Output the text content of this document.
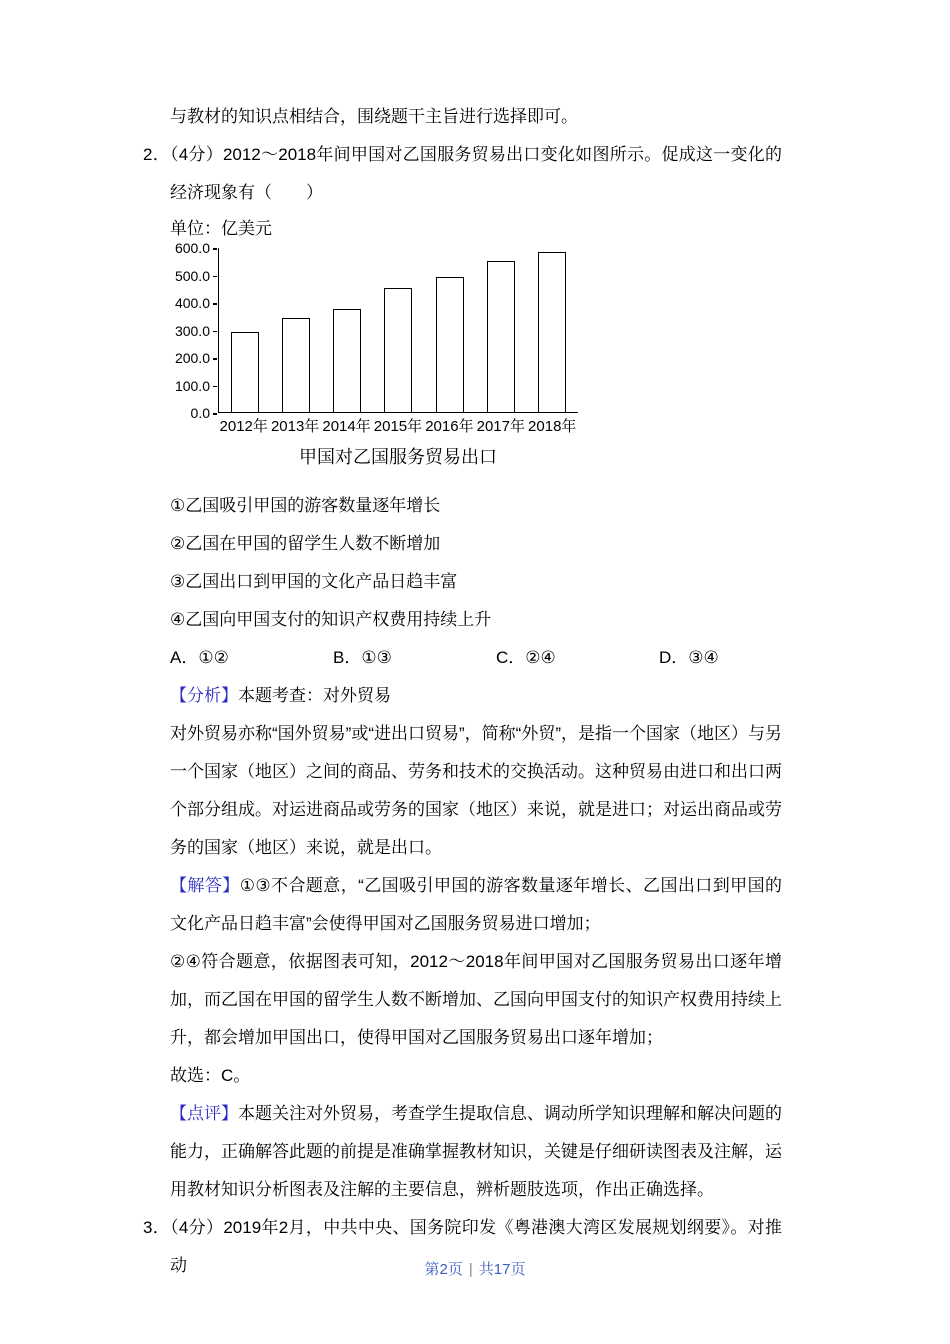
与教材的知识点相结合，围绕题干主旨进行选择即可。

2．（4分）2012～2018年间甲国对乙国服务贸易出口变化如图所示。促成这一变化的经济现象有（　　）

单位：亿美元
600.0
500.0
400.0
300.0
200.0
100.0
0.0
2012年 2013年 2014年 2015年 2016年 2017年 2018年
甲国对乙国服务贸易出口

①乙国吸引甲国的游客数量逐年增长

②乙国在甲国的留学生人数不断增加

③乙国出口到甲国的文化产品日趋丰富

④乙国向甲国支付的知识产权费用持续上升

A．①②	B．①③	C．②④	D．③④

【分析】本题考查：对外贸易

对外贸易亦称“国外贸易”或“进出口贸易”，简称“外贸”，是指一个国家（地区）与另一个国家（地区）之间的商品、劳务和技术的交换活动。这种贸易由进口和出口两个部分组成。对运进商品或劳务的国家（地区）来说，就是进口；对运出商品或劳务的国家（地区）来说，就是出口。

【解答】①③不合题意，“乙国吸引甲国的游客数量逐年增长、乙国出口到甲国的文化产品日趋丰富”会使得甲国对乙国服务贸易进口增加；

②④符合题意，依据图表可知，2012～2018年间甲国对乙国服务贸易出口逐年增加，而乙国在甲国的留学生人数不断增加、乙国向甲国支付的知识产权费用持续上升，都会增加甲国出口，使得甲国对乙国服务贸易出口逐年增加；

故选：C。

【点评】本题关注对外贸易，考查学生提取信息、调动所学知识理解和解决问题的能力，正确解答此题的前提是准确掌握教材知识，关键是仔细研读图表及注解，运用教材知识分析图表及注解的主要信息，辨析题肢选项，作出正确选择。

3．（4分）2019年2月，中共中央、国务院印发《粤港澳大湾区发展规划纲要》。对推动	第2页 | 共17页
